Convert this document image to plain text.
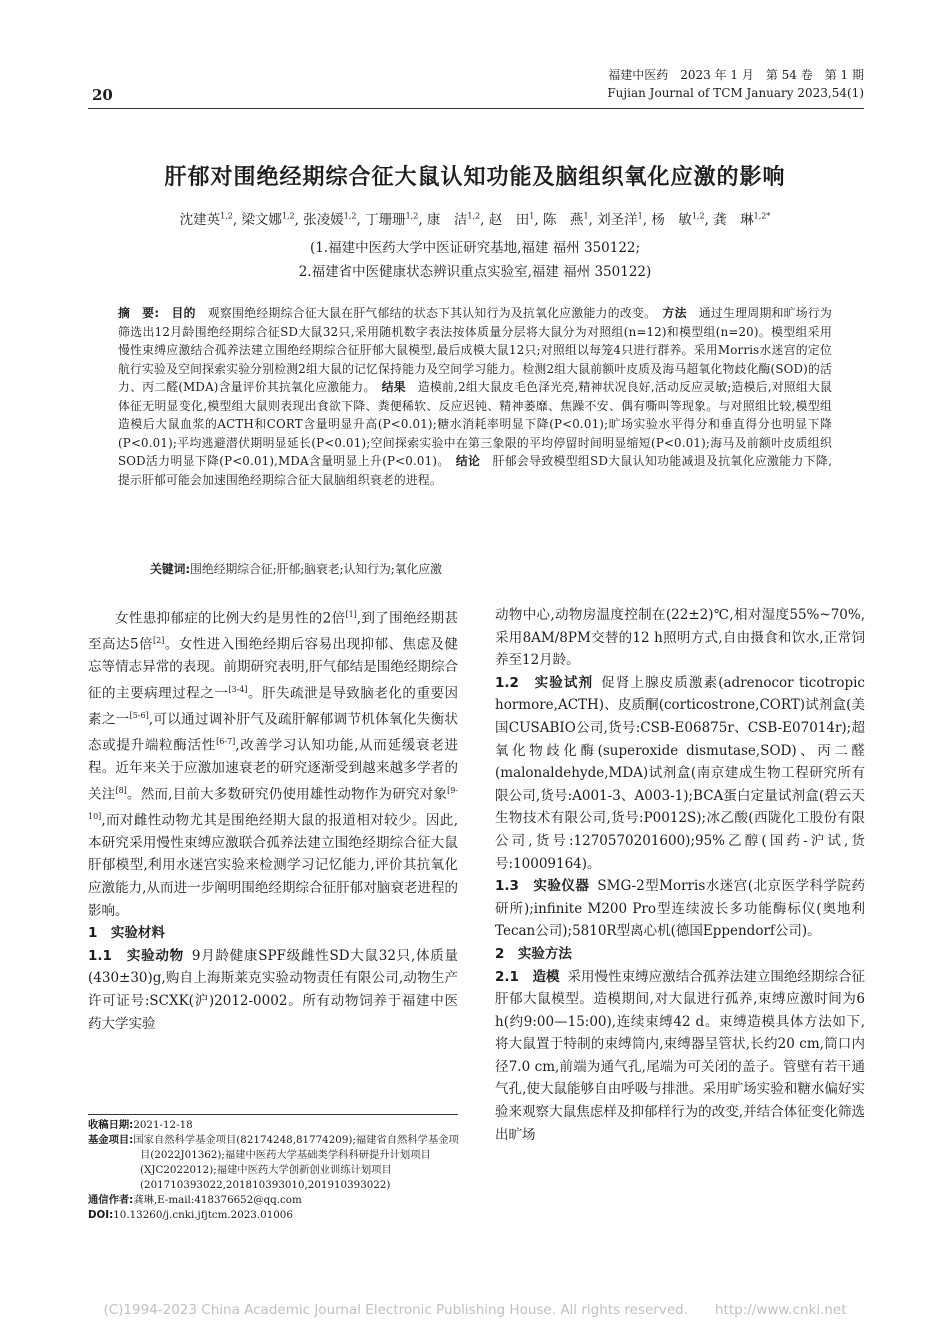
20
福建中医药　2023 年 1 月　第 54 卷　第 1 期
Fujian Journal of TCM January 2023,54(1)
肝郁对围绝经期综合征大鼠认知功能及脑组织氧化应激的影响
沈建英$^{1,2}$, 梁文娜$^{1,2}$, 张凌媛$^{1,2}$, 丁珊珊$^{1,2}$, 康　洁$^{1,2}$, 赵　田$^1$, 陈　燕$^1$, 刘圣洋$^1$, 杨　敏$^{1,2}$, 龚　琳$^{1,2*}$
(1.福建中医药大学中医证研究基地,福建 福州 350122;
2.福建省中医健康状态辨识重点实验室,福建 福州 350122)
摘　要:　 目的　 观察围绝经期综合征大鼠在肝气郁结的状态下其认知行为及抗氧化应激能力的改变。　 方法　 通过生理周期和旷场行为筛选出12月龄围绝经期综合征SD大鼠32只,采用随机数字表法按体质量分层将大鼠分为对照组(n=12)和模型组(n=20)。模型组采用慢性束缚应激结合孤养法建立围绝经期综合征肝郁大鼠模型,最后成模大鼠12只;对照组以每笼4只进行群养。采用Morris水迷宫的定位航行实验及空间探索实验分别检测2组大鼠的记忆保持能力及空间学习能力。检测2组大鼠前额叶皮质及海马超氧化物歧化酶(SOD)的活力、丙二醛(MDA)含量评价其抗氧化应激能力。　 结果　 造模前,2组大鼠皮毛色泽光亮,精神状况良好,活动反应灵敏;造模后,对照组大鼠体征无明显变化,模型组大鼠则表现出食欲下降、粪便稀软、反应迟钝、精神萎靡、焦躁不安、偶有嘶叫等现象。与对照组比较,模型组造模后大鼠血浆的ACTH和CORT含量明显升高(P<0.01);糖水消耗率明显下降(P<0.01);旷场实验水平得分和垂直得分也明显下降(P<0.01);平均逃避潜伏期明显延长(P<0.01);空间探索实验中在第三象限的平均停留时间明显缩短(P<0.01);海马及前额叶皮质组织SOD活力明显下降(P<0.01),MDA含量明显上升(P<0.01)。　 结论　 肝郁会导致模型组SD大鼠认知功能减退及抗氧化应激能力下降,提示肝郁可能会加速围绝经期综合征大鼠脑组织衰老的进程。
关键词:围绝经期综合征;肝郁;脑衰老;认知行为;氧化应激

女性患抑郁症的比例大约是男性的2倍[1],到了围绝经期甚至高达5倍[2]。女性进入围绝经期后容易出现抑郁、焦虑及健忘等情志异常的表现。前期研究表明,肝气郁结是围绝经期综合征的主要病理过程之一[3-4]。肝失疏泄是导致脑老化的重要因素之一[5-6],可以通过调补肝气及疏肝解郁调节机体氧化失衡状态或提升端粒酶活性[6-7],改善学习认知功能,从而延缓衰老进程。近年来关于应激加速衰老的研究逐渐受到越来越多学者的关注[8]。然而,目前大多数研究仍使用雄性动物作为研究对象[9-10],而对雌性动物尤其是围绝经期大鼠的报道相对较少。因此,本研究采用慢性束缚应激联合孤养法建立围绝经期综合征大鼠肝郁模型,利用水迷宫实验来检测学习记忆能力,评价其抗氧化应激能力,从而进一步阐明围绝经期综合征肝郁对脑衰老进程的影响。

1　实验材料

1.1　实验动物 9月龄健康SPF级雌性SD大鼠32只,体质量(430±30)g,购自上海斯莱克实验动物责任有限公司,动物生产许可证号:SCXK(沪)2012-0002。所有动物饲养于福建中医药大学实验

动物中心,动物房温度控制在(22±2)℃,相对湿度55%~70%,采用8AM/8PM交替的12 h照明方式,自由摄食和饮水,正常饲养至12月龄。

1.2　实验试剂 促肾上腺皮质激素(adrenocor ticotropic hormore,ACTH)、皮质酮(corticostrone,CORT)试剂盒(美国CUSABIO公司,货号:CSB-E06875r、CSB-E07014r);超氧化物歧化酶(superoxide dismutase,SOD)、丙二醛(malonaldehyde,MDA)试剂盒(南京建成生物工程研究所有限公司,货号:A001-3、A003-1);BCA蛋白定量试剂盒(碧云天生物技术有限公司,货号:P0012S);冰乙酸(西陇化工股份有限公司,货号:1270570201600);95%乙醇(国药-沪试,货号:10009164)。

1.3　实验仪器 SMG-2型Morris水迷宫(北京医学科学院药研所);infinite M200 Pro型连续波长多功能酶标仪(奥地利Tecan公司);5810R型离心机(德国Eppendorf公司)。

2　实验方法

2.1　造模 采用慢性束缚应激结合孤养法建立围绝经期综合征肝郁大鼠模型。造模期间,对大鼠进行孤养,束缚应激时间为6 h(约9:00—15:00),连续束缚42 d。束缚造模具体方法如下,将大鼠置于特制的束缚筒内,束缚器呈管状,长约20 cm,筒口内径7.0 cm,前端为通气孔,尾端为可关闭的盖子。管壁有若干通气孔,使大鼠能够自由呼吸与排泄。采用旷场实验和糖水偏好实验来观察大鼠焦虑样及抑郁样行为的改变,并结合体征变化筛选出旷场

收稿日期:2021-12-18
基金项目:国家自然科学基金项目(82174248,81774209);福建省自然科学基金项目(2022J01362);福建中医药大学基础类学科科研提升计划项目(XJC2022012);福建中医药大学创新创业训练计划项目(201710393022,201810393010,201910393022)
通信作者:龚琳,E-mail:418376652@qq.com
DOI:10.13260/j.cnki.jfjtcm.2023.01006
(C)1994-2023 China Academic Journal Electronic Publishing House. All rights reserved.　　http://www.cnki.net
